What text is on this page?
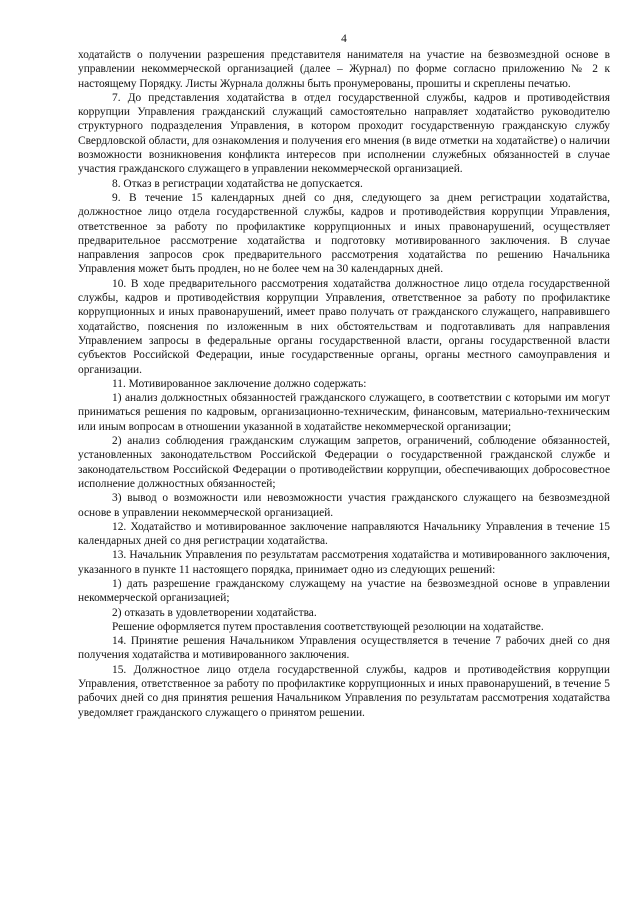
4

ходатайств о получении разрешения представителя нанимателя на участие на безвозмездной основе в управлении некоммерческой организацией (далее – Журнал) по форме согласно приложению № 2 к настоящему Порядку. Листы Журнала должны быть пронумерованы, прошиты и скреплены печатью.

7. До представления ходатайства в отдел государственной службы, кадров и противодействия коррупции Управления гражданский служащий самостоятельно направляет ходатайство руководителю структурного подразделения Управления, в котором проходит государственную гражданскую службу Свердловской области, для ознакомления и получения его мнения (в виде отметки на ходатайстве) о наличии возможности возникновения конфликта интересов при исполнении служебных обязанностей в случае участия гражданского служащего в управлении некоммерческой организацией.

8. Отказ в регистрации ходатайства не допускается.

9. В течение 15 календарных дней со дня, следующего за днем регистрации ходатайства, должностное лицо отдела государственной службы, кадров и противодействия коррупции Управления, ответственное за работу по профилактике коррупционных и иных правонарушений, осуществляет предварительное рассмотрение ходатайства и подготовку мотивированного заключения. В случае направления запросов срок предварительного рассмотрения ходатайства по решению Начальника Управления может быть продлен, но не более чем на 30 календарных дней.

10. В ходе предварительного рассмотрения ходатайства должностное лицо отдела государственной службы, кадров и противодействия коррупции Управления, ответственное за работу по профилактике коррупционных и иных правонарушений, имеет право получать от гражданского служащего, направившего ходатайство, пояснения по изложенным в них обстоятельствам и подготавливать для направления Управлением запросы в федеральные органы государственной власти, органы государственной власти субъектов Российской Федерации, иные государственные органы, органы местного самоуправления и организации.

11. Мотивированное заключение должно содержать:

1) анализ должностных обязанностей гражданского служащего, в соответствии с которыми им могут приниматься решения по кадровым, организационно-техническим, финансовым, материально-техническим или иным вопросам в отношении указанной в ходатайстве некоммерческой организации;

2) анализ соблюдения гражданским служащим запретов, ограничений, соблюдение обязанностей, установленных законодательством Российской Федерации о государственной гражданской службе и законодательством Российской Федерации о противодействии коррупции, обеспечивающих добросовестное исполнение должностных обязанностей;

3) вывод о возможности или невозможности участия гражданского служащего на безвозмездной основе в управлении некоммерческой организацией.

12. Ходатайство и мотивированное заключение направляются Начальнику Управления в течение 15 календарных дней со дня регистрации ходатайства.

13. Начальник Управления по результатам рассмотрения ходатайства и мотивированного заключения, указанного в пункте 11 настоящего порядка, принимает одно из следующих решений:

1) дать разрешение гражданскому служащему на участие на безвозмездной основе в управлении некоммерческой организацией;

2) отказать в удовлетворении ходатайства.

Решение оформляется путем проставления соответствующей резолюции на ходатайстве.

14. Принятие решения Начальником Управления осуществляется в течение 7 рабочих дней со дня получения ходатайства и мотивированного заключения.

15. Должностное лицо отдела государственной службы, кадров и противодействия коррупции Управления, ответственное за работу по профилактике коррупционных и иных правонарушений, в течение 5 рабочих дней со дня принятия решения Начальником Управления по результатам рассмотрения ходатайства уведомляет гражданского служащего о принятом решении.
